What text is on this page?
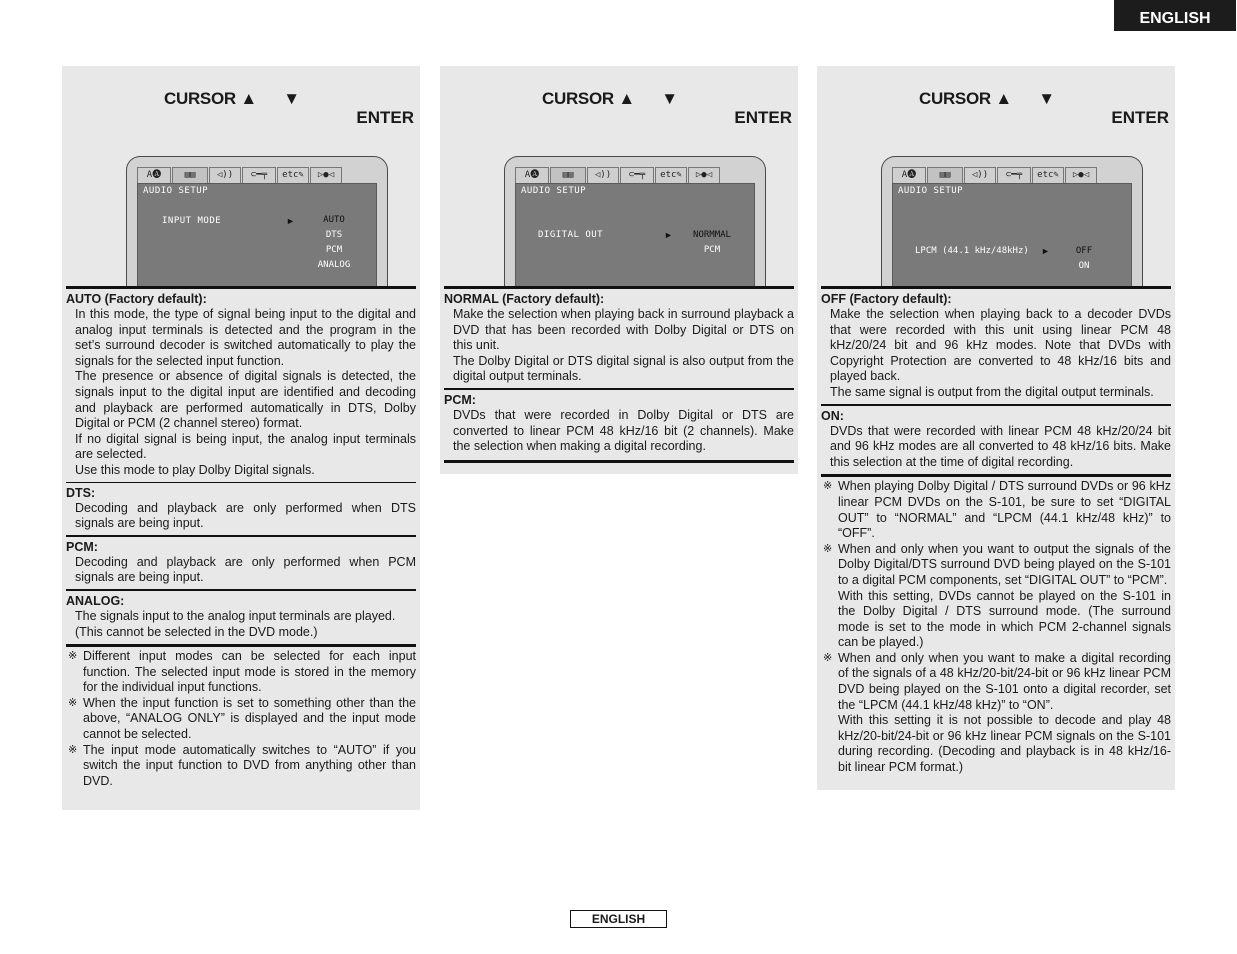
ENGLISH
CURSOR ▲ ▼
ENTER
A🅐	▤▤	◁))	⊂━╤	etc✎	▷●◁
AUDIO SETUP
INPUT MODE	►	AUTO
DTS
PCM
ANALOG
AUTO (Factory default):

In this mode, the type of signal being input to the digital and analog input terminals is detected and the program in the set’s surround decoder is switched automatically to play the signals for the selected input function.

The presence or absence of digital signals is detected, the signals input to the digital input are identified and decoding and playback are performed automatically in DTS, Dolby Digital or PCM (2 channel stereo) format.

If no digital signal is being input, the analog input terminals are selected.

Use this mode to play Dolby Digital signals.

DTS:

Decoding and playback are only performed when DTS signals are being input.

PCM:

Decoding and playback are only performed when PCM signals are being input.

ANALOG:

The signals input to the analog input terminals are played.

(This cannot be selected in the DVD mode.)

※ Different input modes can be selected for each input function. The selected input mode is stored in the memory for the individual input functions.
※ When the input function is set to something other than the above, “ANALOG ONLY” is displayed and the input mode cannot be selected.
※ The input mode automatically switches to “AUTO” if you switch the input function to DVD from anything other than DVD.
CURSOR ▲ ▼
ENTER
A🅐	▤▤	◁))	⊂━╤	etc✎	▷●◁
AUDIO SETUP
DIGITAL OUT	►	NORMMAL
PCM
NORMAL (Factory default):

Make the selection when playing back in surround playback a DVD that has been recorded with Dolby Digital or DTS on this unit.

The Dolby Digital or DTS digital signal is also output from the digital output terminals.

PCM:

DVDs that were recorded in Dolby Digital or DTS are converted to linear PCM 48 kHz/16 bit (2 channels). Make the selection when making a digital recording.

CURSOR ▲ ▼
ENTER
A🅐	▤▤	◁))	⊂━╤	etc✎	▷●◁
AUDIO SETUP
LPCM (44.1 kHz/48kHz) ►	OFF
ON
OFF (Factory default):

Make the selection when playing back to a decoder DVDs that were recorded with this unit using linear PCM 48 kHz/20/24 bit and 96 kHz modes. Note that DVDs with Copyright Protection are converted to 48 kHz/16 bits and played back.

The same signal is output from the digital output terminals.

ON:

DVDs that were recorded with linear PCM 48 kHz/20/24 bit and 96 kHz modes are all converted to 48 kHz/16 bits. Make this selection at the time of digital recording.

※ When playing Dolby Digital / DTS surround DVDs or 96 kHz linear PCM DVDs on the S-101, be sure to set “DIGITAL OUT” to “NORMAL” and “LPCM (44.1 kHz/48 kHz)” to “OFF”.

※ When and only when you want to output the signals of the Dolby Digital/DTS surround DVD being played on the S-101 to a digital PCM components, set “DIGITAL OUT” to “PCM”.

With this setting, DVDs cannot be played on the S-101 in the Dolby Digital / DTS surround mode. (The surround mode is set to the mode in which PCM 2-channel signals can be played.)

※ When and only when you want to make a digital recording of the signals of a 48 kHz/20-bit/24-bit or 96 kHz linear PCM DVD being played on the S-101 onto a digital recorder, set the “LPCM (44.1 kHz/48 kHz)” to “ON”.

With this setting it is not possible to decode and play 48 kHz/20-bit/24-bit or 96 kHz linear PCM signals on the S-101 during recording. (Decoding and playback is in 48 kHz/16-bit linear PCM format.)

ENGLISH
